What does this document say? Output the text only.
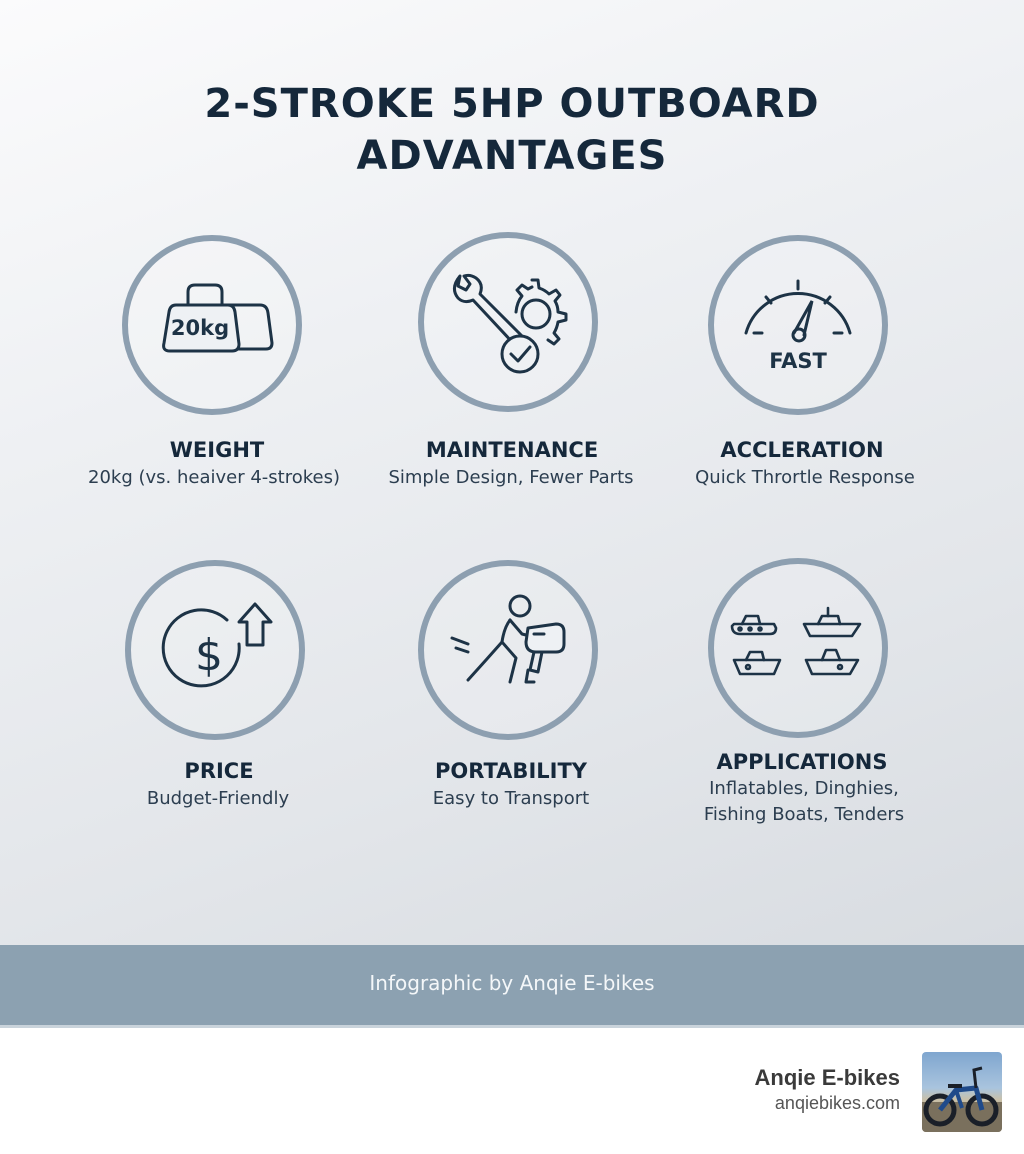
2-STROKE 5HP OUTBOARD
ADVANTAGES
20kg
WEIGHT
20kg (vs. heaiver 4-strokes)
MAINTENANCE
Simple Design, Fewer Parts
FAST
ACCLERATION
Quick Thrortle Response
$
PRICE
Budget-Friendly
PORTABILITY
Easy to Transport
APPLICATIONS
Inflatables, Dinghies,
Fishing Boats, Tenders
Infographic by Anqie E-bikes
Anqie E-bikes
anqiebikes.com
